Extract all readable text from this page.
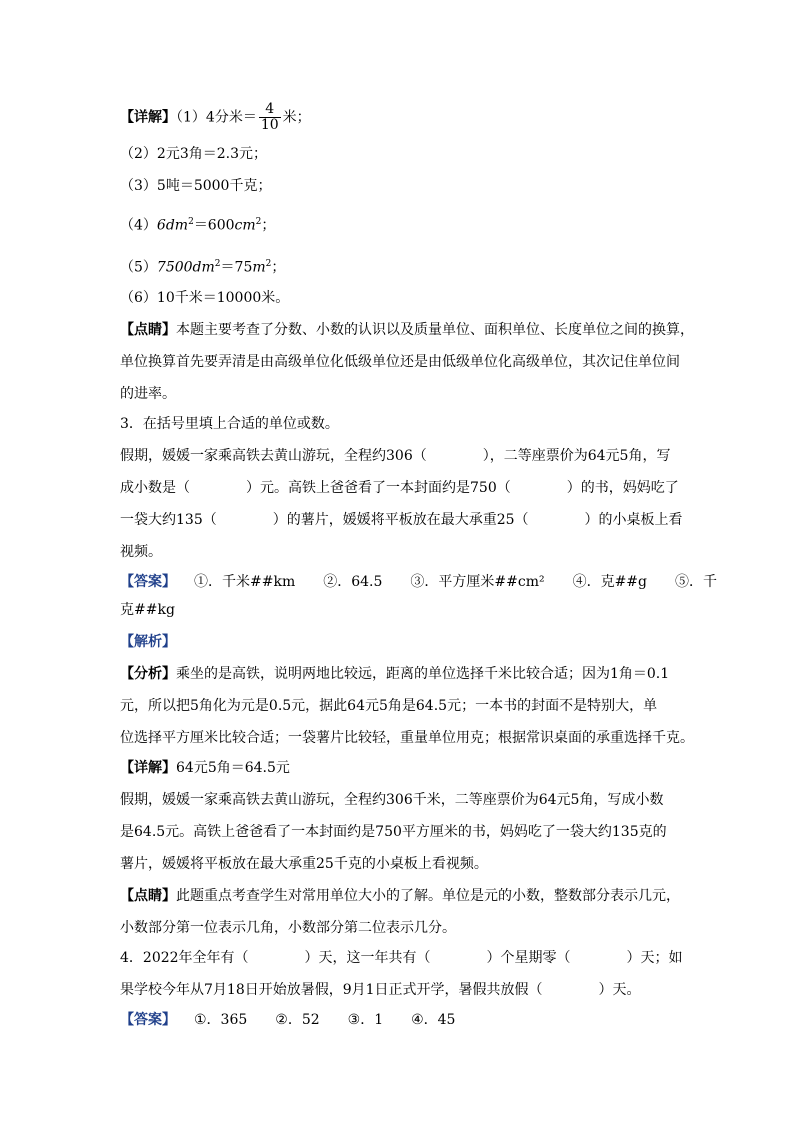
【详解】（1）4分米＝ $\frac{4}{10}$ 米；
（2）2元3角＝2.3元；
（3）5吨＝5000千克；
$(4)6dm^2=600cm^2$；
$(5)7500dm^2=75m^2$；
（6）10千米＝10000米。
【点睛】本题主要考查了分数、小数的认识以及质量单位、面积单位、长度单位之间的换算，
单位换算首先要弄清是由高级单位化低级单位还是由低级单位化高级单位，其次记住单位间
的进率。
3．在括号里填上合适的单位或数。
假期，媛媛一家乘高铁去黄山游玩，全程约306（　　　　），二等座票价为64元5角，写
成小数是（　　　　）元。高铁上爸爸看了一本封面约是750（　　　　）的书，妈妈吃了
一袋大约135（　　　　）的薯片，媛媛将平板放在最大承重25（　　　　）的小桌板上看
视频。
【答案】 ①．千米##km　　②．64.5　　③．平方厘米##cm²　　④．克##g　　⑤．千
克##kg
【解析】
【分析】乘坐的是高铁，说明两地比较远，距离的单位选择千米比较合适；因为1角＝0.1
元，所以把5角化为元是0.5元，据此64元5角是64.5元；一本书的封面不是特别大，单
位选择平方厘米比较合适；一袋薯片比较轻，重量单位用克；根据常识桌面的承重选择千克。
【详解】64元5角＝64.5元
假期，媛媛一家乘高铁去黄山游玩，全程约306千米，二等座票价为64元5角，写成小数
是64.5元。高铁上爸爸看了一本封面约是750平方厘米的书，妈妈吃了一袋大约135克的
薯片，媛媛将平板放在最大承重25千克的小桌板上看视频。
【点睛】此题重点考查学生对常用单位大小的了解。单位是元的小数，整数部分表示几元，
小数部分第一位表示几角，小数部分第二位表示几分。
4．2022年全年有（　　　　）天，这一年共有（　　　　）个星期零（　　　　）天；如
果学校今年从7月18日开始放暑假，9月1日正式开学，暑假共放假（　　　　）天。
【答案】 ①．365　　②．52　　③．1　　④．45
